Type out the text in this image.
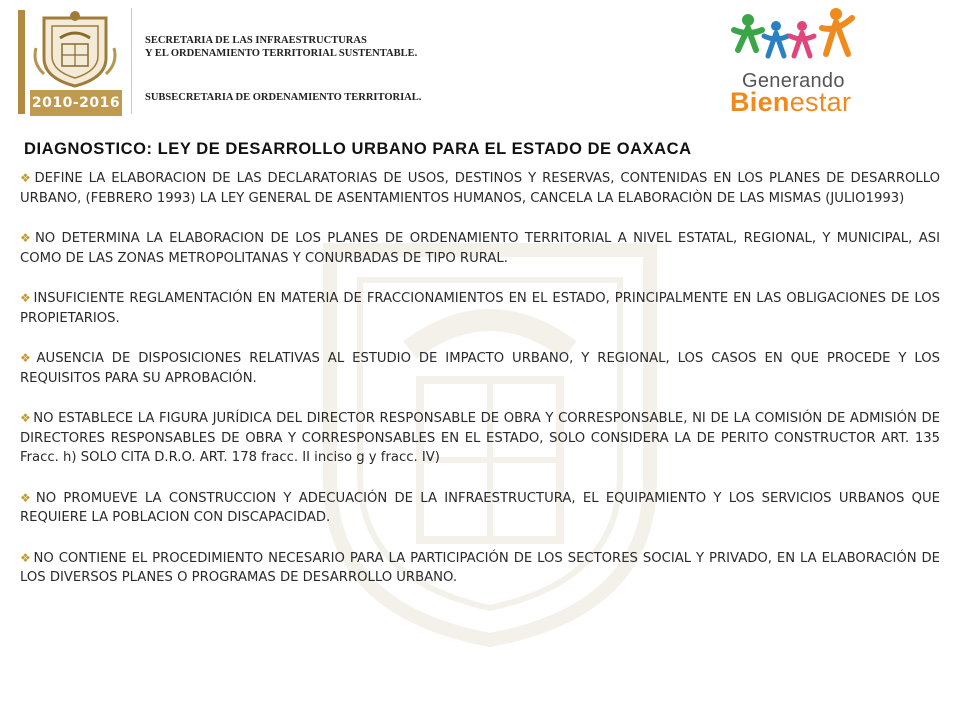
2010-2016
SECRETARIA DE LAS INFRAESTRUCTURAS
Y EL ORDENAMIENTO TERRITORIAL SUSTENTABLE.
SUBSECRETARIA DE ORDENAMIENTO TERRITORIAL.
Generando
Bienestar
DIAGNOSTICO: LEY DE DESARROLLO URBANO PARA EL ESTADO DE OAXACA

❖ DEFINE LA ELABORACION DE LAS DECLARATORIAS DE USOS, DESTINOS Y RESERVAS, CONTENIDAS EN LOS PLANES DE DESARROLLO URBANO, (FEBRERO 1993) LA LEY GENERAL DE ASENTAMIENTOS HUMANOS, CANCELA LA ELABORACIÒN DE LAS MISMAS (JULIO1993)

❖ NO DETERMINA LA ELABORACION DE LOS PLANES DE ORDENAMIENTO TERRITORIAL A NIVEL ESTATAL, REGIONAL, Y MUNICIPAL, ASI COMO DE LAS ZONAS METROPOLITANAS Y CONURBADAS DE TIPO RURAL.

❖ INSUFICIENTE REGLAMENTACIÓN EN MATERIA DE FRACCIONAMIENTOS EN EL ESTADO, PRINCIPALMENTE EN LAS OBLIGACIONES DE LOS PROPIETARIOS.

❖ AUSENCIA DE DISPOSICIONES RELATIVAS AL ESTUDIO DE IMPACTO URBANO, Y REGIONAL, LOS CASOS EN QUE PROCEDE Y LOS REQUISITOS PARA SU APROBACIÓN.

❖ NO ESTABLECE LA FIGURA JURÍDICA DEL DIRECTOR RESPONSABLE DE OBRA Y CORRESPONSABLE, NI DE LA COMISIÓN DE ADMISIÓN DE DIRECTORES RESPONSABLES DE OBRA Y CORRESPONSABLES EN EL ESTADO, SOLO CONSIDERA LA DE PERITO CONSTRUCTOR ART. 135 Fracc. h) SOLO CITA D.R.O. ART. 178 fracc. II inciso g y fracc. IV)

❖ NO PROMUEVE LA CONSTRUCCION Y ADECUACIÓN DE LA INFRAESTRUCTURA, EL EQUIPAMIENTO Y LOS SERVICIOS URBANOS QUE REQUIERE LA POBLACION CON DISCAPACIDAD.

❖ NO CONTIENE EL PROCEDIMIENTO NECESARIO PARA LA PARTICIPACIÓN DE LOS SECTORES SOCIAL Y PRIVADO, EN LA ELABORACIÓN DE LOS DIVERSOS PLANES O PROGRAMAS DE DESARROLLO URBANO.
